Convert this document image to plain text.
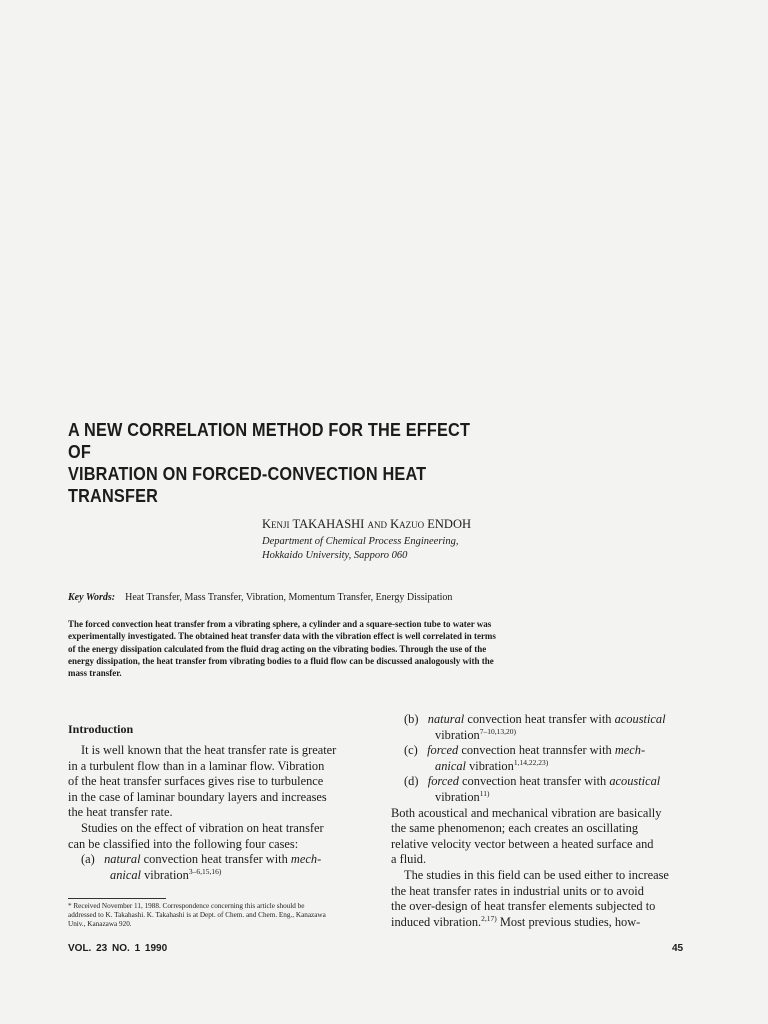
A NEW CORRELATION METHOD FOR THE EFFECT OF
VIBRATION ON FORCED-CONVECTION HEAT
TRANSFER
Kenji TAKAHASHI and Kazuo ENDOH
Department of Chemical Process Engineering,
Hokkaido University, Sapporo 060
Key Words: Heat Transfer, Mass Transfer, Vibration, Momentum Transfer, Energy Dissipation
The forced convection heat transfer from a vibrating sphere, a cylinder and a square-section tube to water was
experimentally investigated. The obtained heat transfer data with the vibration effect is well correlated in terms
of the energy dissipation calculated from the fluid drag acting on the vibrating bodies. Through the use of the
energy dissipation, the heat transfer from vibrating bodies to a fluid flow can be discussed analogously with the
mass transfer.
Introduction
It is well known that the heat transfer rate is greater
in a turbulent flow than in a laminar flow. Vibration
of the heat transfer surfaces gives rise to turbulence
in the case of laminar boundary layers and increases
the heat transfer rate.
Studies on the effect of vibration on heat transfer
can be classified into the following four cases:
(a) natural convection heat transfer with mech-
anical vibration$^{3-6,15,16)}$
(b) natural convection heat transfer with acoustical
vibration$^{7-10,13,20)}$
(c) forced convection heat trannsfer with mech-
anical vibration$^{1,14,22,23)}$
(d) forced convection heat transfer with acoustical
vibration$^{11)}$
Both acoustical and mechanical vibration are basically
the same phenomenon; each creates an oscillating
relative velocity vector between a heated surface and
a fluid.
The studies in this field can be used either to increase
the heat transfer rates in industrial units or to avoid
the over-design of heat transfer elements subjected to
induced vibration.$^{2,17)}$ Most previous studies, how-
* Received November 11, 1988. Correspondence concerning this article should be
addressed to K. Takahashi. K. Takahashi is at Dept. of Chem. and Chem. Eng., Kanazawa
Univ., Kanazawa 920.
VOL. 23 NO. 1 1990	45
